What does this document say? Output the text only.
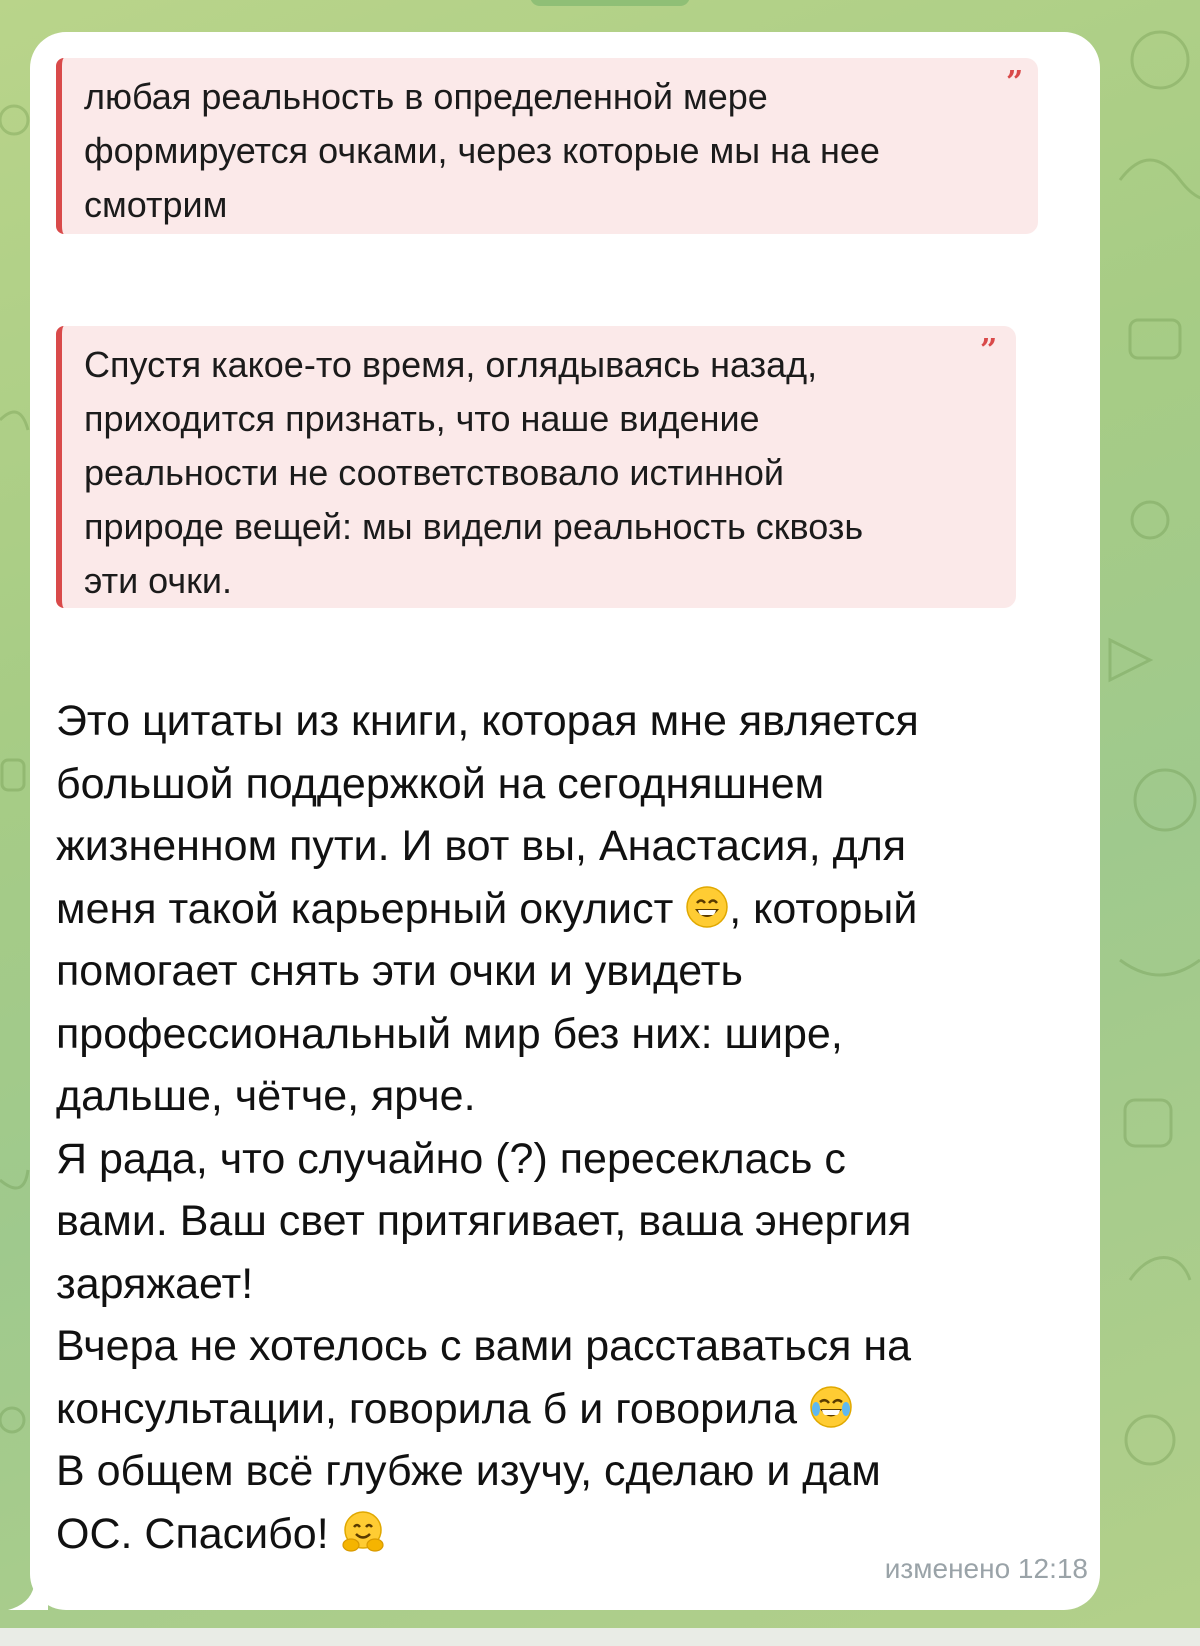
”
любая реальность в определенной мере
формируется очками, через которые мы на нее
смотрим
”
Спустя какое-то время, оглядываясь назад,
приходится признать, что наше видение
реальности не соответствовало истинной
природе вещей: мы видели реальность сквозь
эти очки.
Это цитаты из книги, которая мне является
большой поддержкой на сегодняшнем
жизненном пути. И вот вы, Анастасия, для
меня такой карьерный окулист , который
помогает снять эти очки и увидеть
профессиональный мир без них: шире,
дальше, чётче, ярче.
Я рада, что случайно (?) пересеклась с
вами. Ваш свет притягивает, ваша энергия
заряжает!
Вчера не хотелось с вами расставаться на
консультации, говорила б и говорила
В общем всё глубже изучу, сделаю и дам
ОС. Спасибо!
изменено 12:18
